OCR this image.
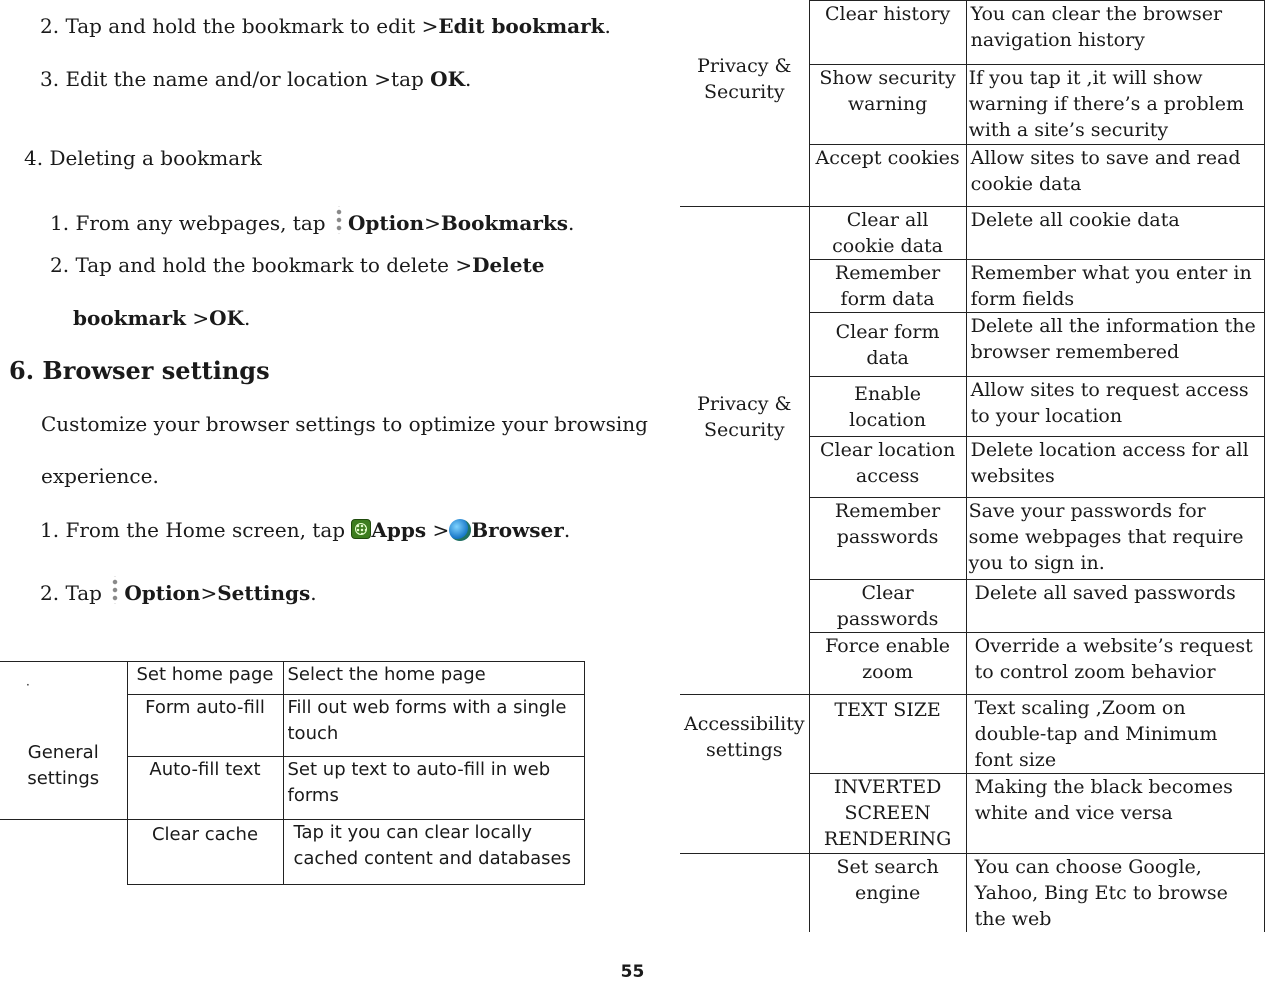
2. Tap and hold the bookmark to edit >Edit bookmark.
3. Edit the name and/or location >tap OK.
4. Deleting a bookmark
1. From any webpages, tap Option>Bookmarks.
2. Tap and hold the bookmark to delete >Delete
bookmark >OK.
6. Browser settings
Customize your browser settings to optimize your browsing
experience.
1. From the Home screen, tap Apps > Browser.
2. Tap Option>Settings.
·
General settings	Set home page	Select the home page
	Form auto-fill	Fill out web forms with a single touch
	Auto-fill text	Set up text to auto-fill in web forms
	Clear cache	Tap it you can clear locally cached content and databases
Privacy & Security	Clear history	You can clear the browser navigation history
	Show security warning	If you tap it ,it will show warning if there’s a problem with a site’s security
	Accept cookies	Allow sites to save and read cookie data
Privacy & Security	Clear all cookie data	Delete all cookie data
	Remember form data	Remember what you enter in form fields
	Clear form data	Delete all the information the browser remembered
	Enable location	Allow sites to request access to your location
	Clear location access	Delete location access for all websites
	Remember passwords	Save your passwords for some webpages that require you to sign in.
	Clear passwords	Delete all saved passwords
	Force enable zoom	Override a website’s request to control zoom behavior
Accessibility settings	TEXT SIZE	Text scaling ,Zoom on double-tap and Minimum font size
	INVERTED SCREEN RENDERING	Making the black becomes white and vice versa
	Set search engine	You can choose Google, Yahoo, Bing Etc to browse the web
55
